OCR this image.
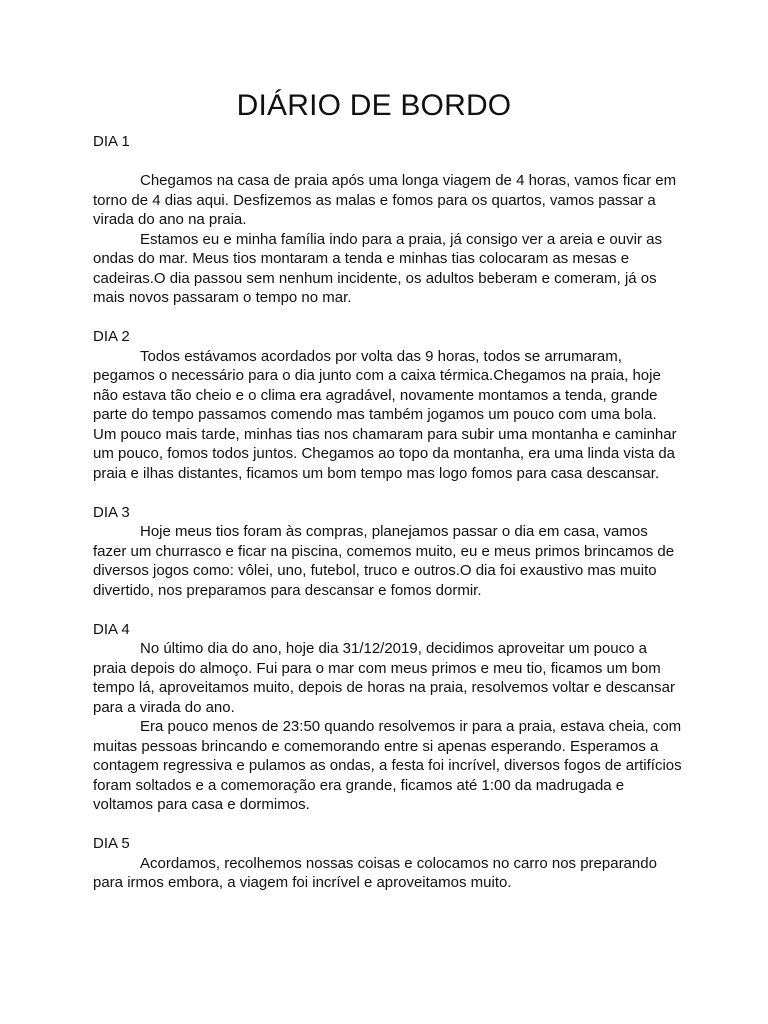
DIÁRIO DE BORDO

DIA 1

Chegamos na casa de praia após uma longa viagem de 4 horas, vamos ficar em torno de 4 dias aqui. Desfizemos as malas e fomos para os quartos, vamos passar a virada do ano na praia.

Estamos eu e minha família indo para a praia, já consigo ver a areia e ouvir as ondas do mar. Meus tios montaram a tenda e minhas tias colocaram as mesas e cadeiras.O dia passou sem nenhum incidente, os adultos beberam e comeram, já os mais novos passaram o tempo no mar.

DIA 2

Todos estávamos acordados por volta das 9 horas, todos se arrumaram, pegamos o necessário para o dia junto com a caixa térmica.Chegamos na praia, hoje não estava tão cheio e o clima era agradável, novamente montamos a tenda, grande parte do tempo passamos comendo mas também jogamos um pouco com uma bola. Um pouco mais tarde, minhas tias nos chamaram para subir uma montanha e caminhar um pouco, fomos todos juntos. Chegamos ao topo da montanha, era uma linda vista da praia e ilhas distantes, ficamos um bom tempo mas logo fomos para casa descansar.

DIA 3

Hoje meus tios foram às compras, planejamos passar o dia em casa, vamos fazer um churrasco e ficar na piscina, comemos muito, eu e meus primos brincamos de diversos jogos como: vôlei, uno, futebol, truco e outros.O dia foi exaustivo mas muito divertido, nos preparamos para descansar e fomos dormir.

DIA 4

No último dia do ano, hoje dia 31/12/2019, decidimos aproveitar um pouco a praia depois do almoço. Fui para o mar com meus primos e meu tio, ficamos um bom tempo lá, aproveitamos muito, depois de horas na praia, resolvemos voltar e descansar para a virada do ano.

Era pouco menos de 23:50 quando resolvemos ir para a praia, estava cheia, com muitas pessoas brincando e comemorando entre si apenas esperando. Esperamos a contagem regressiva e pulamos as ondas, a festa foi incrível, diversos fogos de artifícios foram soltados e a comemoração era grande, ficamos até 1:00 da madrugada e voltamos para casa e dormimos.

DIA 5

Acordamos, recolhemos nossas coisas e colocamos no carro nos preparando para irmos embora, a viagem foi incrível e aproveitamos muito.
